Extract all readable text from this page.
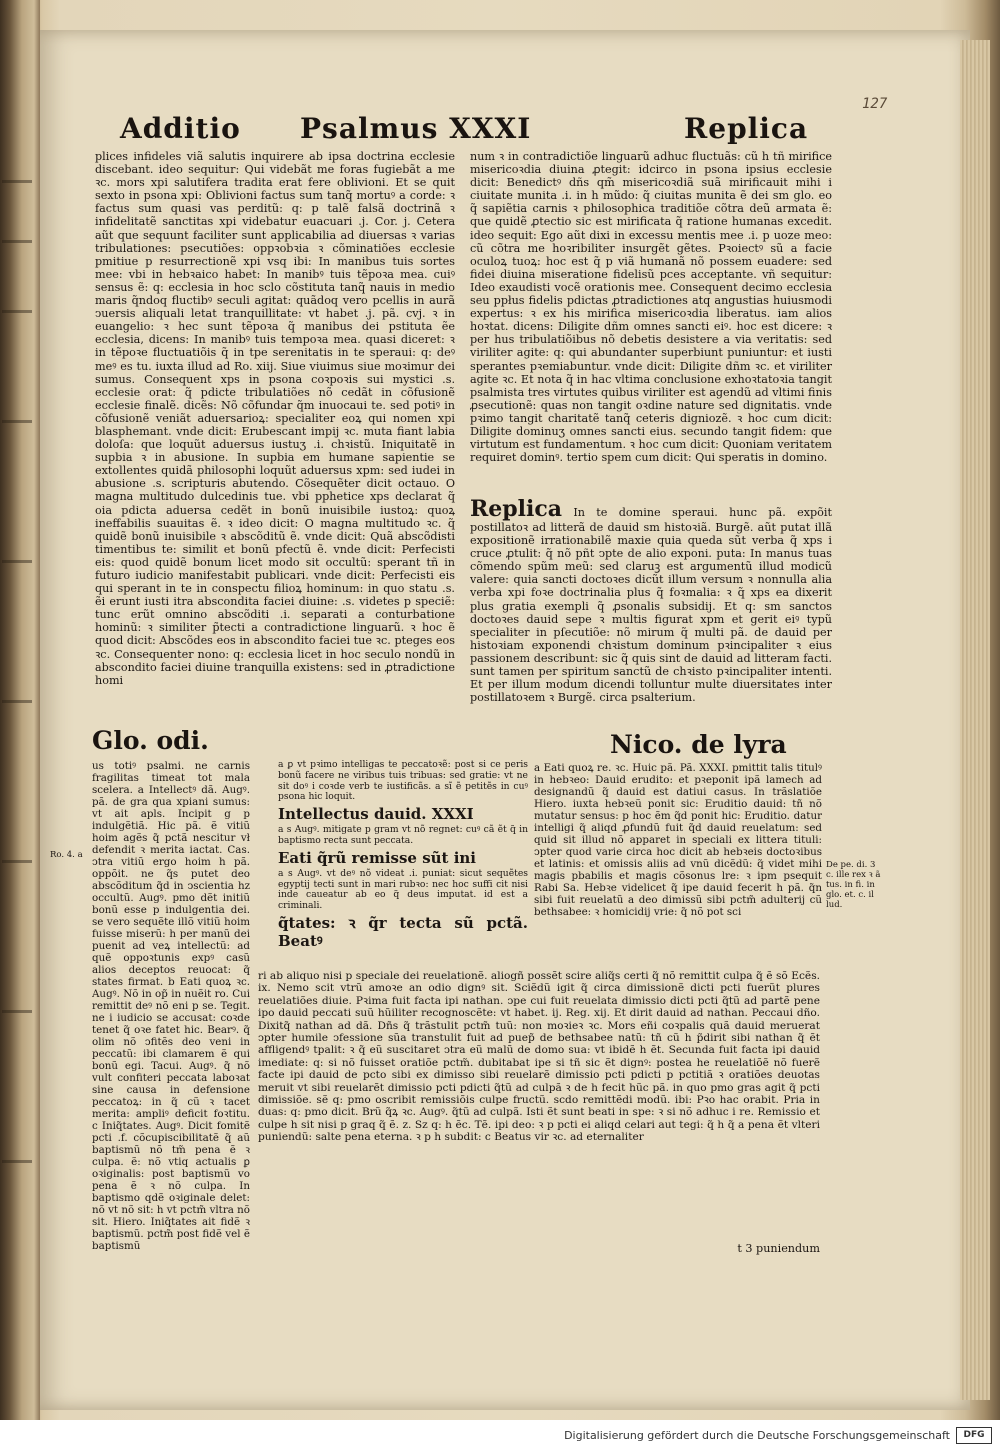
127
Additio Psalmus XXXI	Replica

plices infideles viã salutis inquirere ab ipsa doctrina ecclesie discebant. ideo sequitur: Qui videbãt me foras fugiebãt a me ꝛc. mors xpi salutifera tradita erat fere oblivioni. Et se quit sexto in psona xpi: Oblivioni factus sum tanq̃ mortuꝰ a corde: ꝛ factus sum quasi vas perditũ: q: p talẽ falsã doctrinã ꝛ infidelitatẽ sanctitas xpi videbatur euacuari .j. Cor. j. Cetera aũt que sequunt faciliter sunt applicabilia ad diuersas ꝛ varias tribulationes: psecutiões: oppꝛobꝛia ꝛ cõminatiões ecclesie pmitiue p resurrectionẽ xpi vsq ibi: In manibus tuis sortes mee: vbi in hebꝛaico habet: In manibꝰ tuis tẽpoꝛa mea. cuiꝰ sensus ẽ: q: ecclesia in hoc sclo cõstituta tanq̃ nauis in medio maris q̃ndoq fluctibꝰ seculi agitat: quãdoq vero pcellis in aurã ↄuersis aliquali letat tranquillitate: vt habet .j. pã. cvj. ꝛ in euangelio: ꝛ hec sunt tẽpoꝛa q̃ manibus dei pstituta ẽe ecclesia, dicens: In manibꝰ tuis tempoꝛa mea. quasi diceret: ꝛ in tẽpoꝛe fluctuatiõis q̃ in tpe serenitatis in te speraui: q: deꝰ meꝰ es tu. iuxta illud ad Ro. xiij. Siue viuimus siue moꝛimur dei sumus. Consequent xps in psona coꝛpoꝛis sui mystici .s. ecclesie orat: q̃ pdicte tribulatiões nõ cedãt in cõfusionẽ ecclesie finalẽ. dicẽs: Nõ cõfundar q̃m inuocaui te. sed potiꝰ in cõfusionẽ veniãt aduersarioꝝ: specialiter eoꝝ qui nomen xpi blasphemant. vnde dicit: Erubescant impij ꝛc. muta fiant labia doloſa: que loquũt aduersus iustuʒ .i. chꝛistũ. Iniquitatẽ in supbia ꝛ in abusione. In supbia em humane sapientie se extollentes quidã philosophi loquũt aduersus xpm: sed iudei in abusione .s. scripturis abutendo. Cõsequẽter dicit octauo. O magna multitudo dulcedinis tue. vbi pphetice xps declarat q̃ oia pdicta aduersa cedẽt in bonũ inuisibile iustoꝝ: quoꝝ ineffabilis suauitas ẽ. ꝛ ideo dicit: O magna multitudo ꝛc. q̃ quidẽ bonũ inuisibile ꝛ abscõditũ ẽ. vnde dicit: Quã abscõdisti timentibus te: similit et bonũ pfectũ ẽ. vnde dicit: Perfecisti eis: quod quidẽ bonum licet modo sit occultũ: sperant tñ in futuro iudicio manifestabit publicari. vnde dicit: Perfecisti eis qui sperant in te in conspectu filioꝝ hominum: in quo statu .s. ẽi erunt iusti itra abscondita faciei diuine: .s. videtes p speciẽ: tunc erũt omnino abscõditi .i. separati a conturbatione hominũ: ꝛ similiter p̃tecti a contradictione linguarũ. ꝛ hoc ẽ quod dicit: Abscõdes eos in abscondito faciei tue ꝛc. pteges eos ꝛc. Consequenter nono: q: ecclesia licet in hoc seculo nondũ in abscondito faciei diuine tranquilla existens: sed in ꝓtradictione homi

num ꝛ in contradictiõe linguarũ adhuc fluctuãs: cũ h tñ mirifice misericoꝛdia diuina ꝓtegit: idcirco in psona ipsius ecclesie dicit: Benedictꝰ dñs qm̃ misericoꝛdiã suã mirificauit mihi i ciuitate munita .i. in h mũdo: q̃ ciuitas munita ẽ dei sm glo. eo q̃ sapiẽtia carnis ꝛ philosophica traditiõe cõtra deũ armata ẽ: que quidẽ ꝓtectio sic est mirificata q̃ ratione humanas excedit. ideo sequit: Ego aũt dixi in excessu mentis mee .i. p uoze meo: cũ cõtra me hoꝛribiliter insurgẽt gẽtes. Pꝛoiectꝰ sũ a facie oculoꝝ tuoꝝ: hoc est q̃ p viã humanã nõ possem euadere: sed fidei diuina miseratione fidelisũ pces acceptante. vñ sequitur: Ideo exaudisti vocẽ orationis mee. Consequent decimo ecclesia seu ppłus fidelis pdictas ꝓtradictiones atq angustias huiusmodi expertus: ꝛ ex his mirifica misericoꝛdia liberatus. iam alios hoꝛtat. dicens: Diligite dñm omnes sancti eiꝰ. hoc est dicere: ꝛ per hus tribulatiõibus nõ debetis desistere a via veritatis: sed viriliter agite: q: qui abundanter superbiunt puniuntur: et iusti sperantes pꝛemiabuntur. vnde dicit: Diligite dñm ꝛc. et viriliter agite ꝛc. Et nota q̃ in hac vltima conclusione exhoꝛtatoꝛia tangit psalmista tres virtutes quibus viriliter est agendũ ad vltimi finis ꝓsecutionẽ: quas non tangit oꝛdine nature sed dignitatis. vnde pꝛimo tangit charitatẽ tanq̃ ceteris digniozẽ. ꝛ hoc cum dicit: Diligite dominuʒ omnes sancti eius. secundo tangit fidem: que virtutum est fundamentum. ꝛ hoc cum dicit: Quoniam veritatem requiret dominꝰ. tertio spem cum dicit: Qui speratis in domino.

Replica In te domine speraui. hunc pã. expõit postillatoꝛ ad litterã de dauid sm histoꝛiã. Burgẽ. aũt putat illã expositionẽ irrationabilẽ maxie quia queda sũt verba q̃ xps i cruce ꝓtulit: q̃ nõ pñt ↄpte de alio exponi. puta: In manus tuas cõmendo spũm meũ: sed claruꝫ est argumentũ illud modicũ valere: quia sancti doctoꝛes dicũt illum versum ꝛ nonnulla alia verba xpi foꝛe doctrinalia plus q̃ foꝛmalia: ꝛ q̃ xps ea dixerit plus gratia exempli q̃ ꝓsonalis subsidij. Et q: sm sanctos doctoꝛes dauid sepe ꝛ multis figurat xpm et gerit eiꝰ typũ specialiter in pſecutiõe: nõ mirum q̃ multi pã. de dauid per histoꝛiam exponendi chꝛistum dominum pꝛincipaliter ꝛ eius passionem describunt: sic q̃ quis sint de dauid ad litteram facti. sunt tamen per spiritum sanctũ de chꝛisto pꝛincipaliter intenti. Et per illum modum dicendi tolluntur multe diuersitates inter postillatoꝛem ꝛ Burgẽ. circa psalterium.

Glo. odi.	Nico. de lyra

us totiꝰ psalmi. ne carnis fragilitas timeat tot mala scelera. a Intellectꝰ dã. Augꝰ. pã. de gra qua xpiani sumus: vt ait apls. Incipit g p indulgẽtiã. Hic pã. ẽ vitiũ hoim agẽs q̃ pctã nescitur vł defendit ꝛ merita iactat. Cas. ↄtra vitiũ ergo hoim h pã. oppõit. ne q̃s putet deo abscõditum q̃d in ↄscientia hz occultũ. Augꝰ. pmo dẽt initiũ bonũ esse p indulgentia dei. se vero sequẽte illõ vitiũ hoim fuisse miserũ: h per manũ dei puenit ad veꝝ intellectũ: ad quẽ oppoꝛtunis expꝰ casũ alios deceptos reuocat: q̃ states firmat. b Eati quoꝝ ꝛc. Augꝰ. Nõ in op̃ in nuẽit ro. Cui remittit deꝰ nõ eni p se. Tegit. ne i iudicio se accusat: coꝛde tenet q̃ oꝛe fatet hic. Bearꝰ. q̃ olim nõ ↄfitẽs deo veni in peccatũ: ibi clamarem ẽ qui bonũ egi. Tacui. Augꝰ. q̃ nõ vult confiteri peccata laboꝛat sine causa in defensione peccatoꝝ: in q̃ cũ ꝛ tacet merita: ampliꝰ deficit foꝛtitu. c Iniq̃tates. Augꝰ. Dicit fomitẽ pcti .f. cõcupiscibilitatẽ q̃ aũ baptismũ nõ tm̃ pena ẽ ꝛ culpa. ẽ: nõ vtiq actualis ꝑ oꝛiginalis: post baptismũ vo pena ẽ ꝛ nõ culpa. In baptismo qdẽ oꝛiginale delet: nõ vt nõ sit: h vt pctm̃ vltra nõ sit. Hiero. Iniq̃tates ait fidẽ ꝛ baptismũ. pctm̃ post fidẽ vel ẽ baptismũ

Ro. 4. a
De pe. di. 3 c. ille rex ꝛ ã tus. in fi. in glo. et. c. il lud.
a ꝑ vt pꝛimo intelligas te peccatoꝛẽ: post si ce peris bonũ facere ne viribus tuis tribuas: sed gratie: vt ne sit doꝰ i coꝛde verb te iustificãs. a sĩ ẽ petitẽs in cuꝰ psona hic loquit.
Intellectus dauid. XXXI
a s Augꝰ. mitigate p gram vt nõ regnet: cuꝰ cã ẽt q̃ in baptismo recta sunt peccata.
Eati q̃rũ remisse sũt ini
a s Augꝰ. vt deꝰ nõ videat .i. puniat: sicut sequẽtes egyptij tecti sunt in mari rubꝛo: nec hoc suffi cit nisi inde caueatur ab eo q̃ deus imputat. id est a criminali.
q̃tates: ꝛ q̃r tecta sũ pctã. Beatꝰ

a Eati quoꝝ re. ꝛc. Huic pã. Pã. XXXI. pmittit talis titulꝰ in hebꝛeo: Dauid erudito: et pꝛeponit ipã lamech ad designandũ q̃ dauid est datiui casus. In trãslatiõe Hiero. iuxta hebꝛeũ ponit sic: Eruditio dauid: tñ nõ mutatur sensus: p hoc ẽm q̃d ponit hic: Eruditio. datur intelligi q̃ aliqd ꝓfundũ fuit q̃d dauid reuelatum: sed quid sit illud nõ apparet in speciali ex littera tituli: ↄpter quod varie circa hoc dicit ab hebꝛeis doctoꝛibus et latinis: et omissis aliis ad vnũ dicẽdũ: q̃ videt mihi magis pbabilis et magis cõsonus lre: ꝛ ipm psequit Rabi Sa. Hebꝛe videlicet q̃ ipe dauid fecerit h pã. q̃n sibi fuit reuelatũ a deo dimissũ sibi pctm̃ adulterij cũ bethsabee: ꝛ homicidij vrie: q̃ nõ pot sci

ri ab aliquo nisi p speciale dei reuelationẽ. aliogñ possẽt scire aliq̃s certi q̃ nõ remittit culpa q̃ ẽ sõ Ecẽs. ix. Nemo scit vtrũ amoꝛe an odio dignꝰ sit. Sciẽdũ igit q̃ circa dimissionẽ dicti pcti fuerũt plures reuelatiões diuie. Pꝛima fuit facta ipi nathan. ↄpe cui fuit reuelata dimissio dicti pcti q̃tũ ad partẽ pene ipo dauid peccati suũ hũiliter recognoscẽte: vt habet. ij. Reg. xij. Et dirit dauid ad nathan. Peccaui dño. Dixitq̃ nathan ad dã. Dñs q̃ trãstulit pctm̃ tuũ: non moꝛieꝛ ꝛc. Mors eñi coꝛpalis quã dauid meruerat ↄpter humile ↄfessione sũa transtulit fuit ad puep̃ de bethsabee natũ: tñ cũ h p̃dirit sibi nathan q̃ ẽt affligendꝰ tpalit: ꝛ q̃ eũ suscitaret ↄtra eũ malũ de domo sua: vt ibidẽ h ẽt. Secunda fuit facta ipi dauid imediate: q: si nõ fuisset oratiõe pctm̃. dubitabat ipe si tñ sic ẽt dignꝰ: postea he reuelatiõẽ nõ fuerẽ facte ipi dauid de pcto sibi ex dimisso sibi reuelarẽ dimissio pcti pdicti p pctitiã ꝛ oratiões deuotas meruit vt sibi reuelarẽt dimissio pcti pdicti q̃tũ ad culpã ꝛ de h fecit hũc pã. in quo pmo gras agit q̃ pcti dimissiõe. sẽ q: pmo oscribit remissiõis culpe fructũ. scdo remittẽdi modũ. ibi: Pꝛo hac orabit. Pria in duas: q: pmo dicit. Brũ q̃ꝝ ꝛc. Augꝰ. q̃tũ ad culpã. Isti ẽt sunt beati in spe: ꝛ si nõ adhuc i re. Remissio et culpe h sit nisi p graq q̃ ẽ. z. Sz q: h ẽc. Tẽ. ipi deo: ꝛ p pcti ei aliqd celari aut tegi: q̃ h q̃ a pena ẽt vlteri puniendũ: salte pena eterna. ꝛ p h subdit: c Beatus vir ꝛc. ad eternaliter

t 3 puniendum

Digitalisierung gefördert durch die Deutsche Forschungsgemeinschaft	DFG
